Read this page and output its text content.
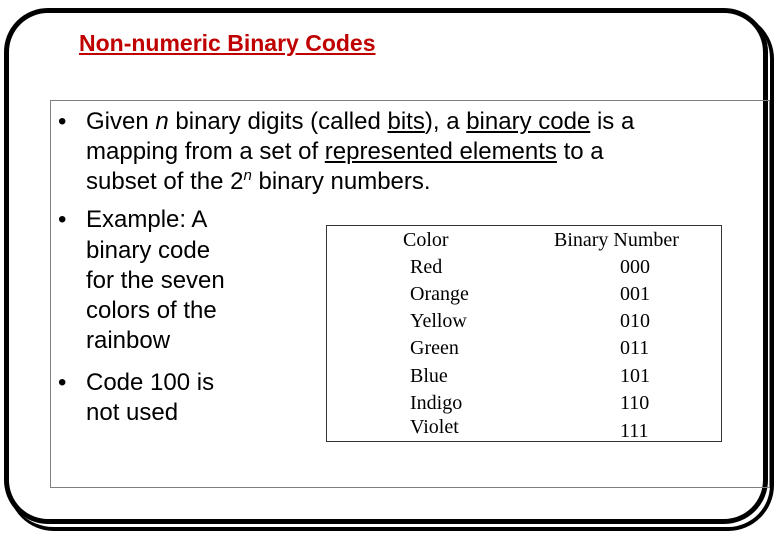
Non-numeric Binary Codes
• Given n binary digits (called bits), a binary code is a
mapping from a set of represented elements to a
subset of the 2$^n$ binary numbers.
• Example: A
binary code
for the seven
colors of the
rainbow
• Code 100 is
not used
Color	Binary Number
Red	000
Orange	001
Yellow	010
Green	011
Blue	101
Indigo	110
Violet	111
